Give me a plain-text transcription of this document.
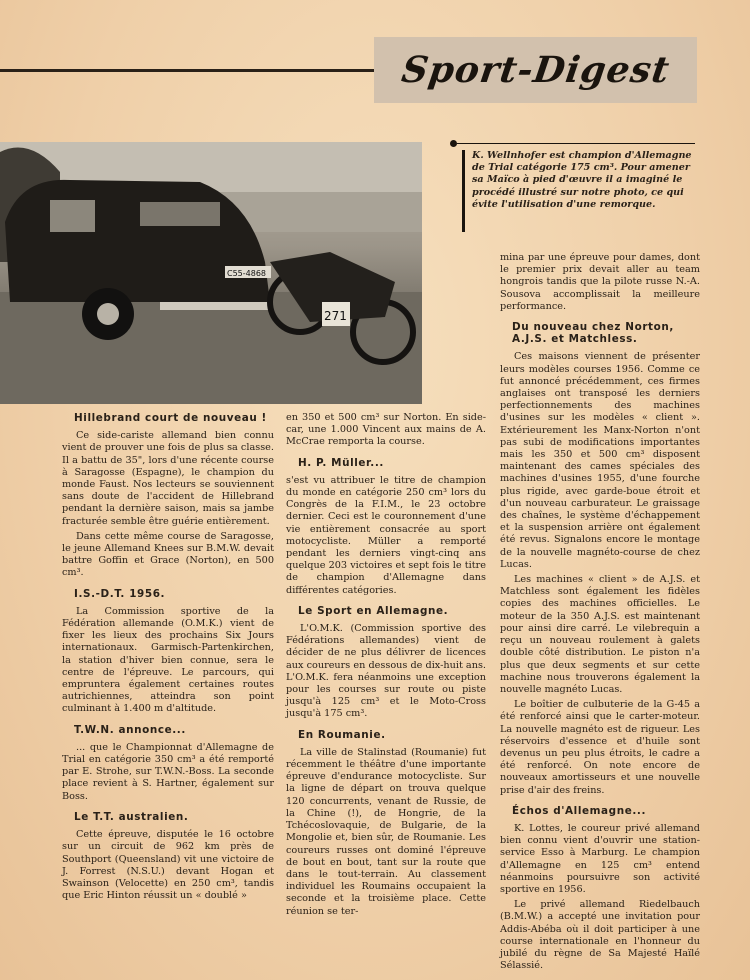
Sport-Digest
271
C55-4868

K. Wellnhofer est champion d'Allemagne de Trial catégorie 175 cm³. Pour amener sa Maïco à pied d'œuvre il a imaginé le procédé illustré sur notre photo, ce qui évite l'utilisation d'une remorque.

Hillebrand court de nouveau !

Ce side-cariste allemand bien connu vient de prouver une fois de plus sa classe. Il a battu de 35", lors d'une récente course à Saragosse (Espagne), le champion du monde Faust. Nos lecteurs se souviennent sans doute de l'accident de Hillebrand pendant la dernière saison, mais sa jambe fracturée semble être guérie entièrement.

Dans cette même course de Saragosse, le jeune Allemand Knees sur B.M.W. devait battre Goffin et Grace (Norton), en 500 cm³.

I.S.-D.T. 1956.

La Commission sportive de la Fédération allemande (O.M.K.) vient de fixer les lieux des prochains Six Jours internationaux. Garmisch-Partenkirchen, la station d'hiver bien connue, sera le centre de l'épreuve. Le parcours, qui empruntera également certaines routes autrichiennes, atteindra son point culminant à 1.400 m d'altitude.

T.W.N. annonce...

... que le Championnat d'Allemagne de Trial en catégorie 350 cm³ a été remporté par E. Strohe, sur T.W.N.-Boss. La seconde place revient à S. Hartner, également sur Boss.

Le T.T. australien.

Cette épreuve, disputée le 16 octobre sur un circuit de 962 km près de Southport (Queensland) vit une victoire de J. Forrest (N.S.U.) devant Hogan et Swainson (Velocette) en 250 cm³, tandis que Eric Hinton réussit un « doublé »

en 350 et 500 cm³ sur Norton. En side-car, une 1.000 Vincent aux mains de A. McCrae remporta la course.

H. P. Müller...

s'est vu attribuer le titre de champion du monde en catégorie 250 cm³ lors du Congrès de la F.I.M., le 23 octobre dernier. Ceci est le couronnement d'une vie entièrement consacrée au sport motocycliste. Müller a remporté pendant les derniers vingt-cinq ans quelque 203 victoires et sept fois le titre de champion d'Allemagne dans différentes catégories.

Le Sport en Allemagne.

L'O.M.K. (Commission sportive des Fédérations allemandes) vient de décider de ne plus délivrer de licences aux coureurs en dessous de dix-huit ans. L'O.M.K. fera néanmoins une exception pour les courses sur route ou piste jusqu'à 125 cm³ et le Moto-Cross jusqu'à 175 cm³.

En Roumanie.

La ville de Stalinstad (Roumanie) fut récemment le théâtre d'une importante épreuve d'endurance motocycliste. Sur la ligne de départ on trouva quelque 120 concurrents, venant de Russie, de la Chine (!), de Hongrie, de la Tchécoslovaquie, de Bulgarie, de la Mongolie et, bien sûr, de Roumanie. Les coureurs russes ont dominé l'épreuve de bout en bout, tant sur la route que dans le tout-terrain. Au classement individuel les Roumains occupaient la seconde et la troisième place. Cette réunion se ter-

mina par une épreuve pour dames, dont le premier prix devait aller au team hongrois tandis que la pilote russe N.-A. Sousova accomplissait la meilleure performance.

Du nouveau chez Norton, A.J.S. et Matchless.

Ces maisons viennent de présenter leurs modèles courses 1956. Comme ce fut annoncé précédemment, ces firmes anglaises ont transposé les derniers perfectionnements des machines d'usines sur les modèles « client ». Extérieurement les Manx-Norton n'ont pas subi de modifications importantes mais les 350 et 500 cm³ disposent maintenant des cames spéciales des machines d'usines 1955, d'une fourche plus rigide, avec garde-boue étroit et d'un nouveau carburateur. Le graissage des chaînes, le système d'échappement et la suspension arrière ont également été revus. Signalons encore le montage de la nouvelle magnéto-course de chez Lucas.

Les machines « client » de A.J.S. et Matchless sont également les fidèles copies des machines officielles. Le moteur de la 350 A.J.S. est maintenant pour ainsi dire carré. Le vilebrequin a reçu un nouveau roulement à galets double côté distribution. Le piston n'a plus que deux segments et sur cette machine nous trouverons également la nouvelle magnéto Lucas.

Le boîtier de culbuterie de la G-45 a été renforcé ainsi que le carter-moteur. La nouvelle magnéto est de rigueur. Les réservoirs d'essence et d'huile sont devenus un peu plus étroits, le cadre a été renforcé. On note encore de nouveaux amortisseurs et une nouvelle prise d'air des freins.

Échos d'Allemagne...

K. Lottes, le coureur privé allemand bien connu vient d'ouvrir une station-service Esso à Marburg. Le champion d'Allemagne en 125 cm³ entend néanmoins poursuivre son activité sportive en 1956.

Le privé allemand Riedelbauch (B.M.W.) a accepté une invitation pour Addis-Abéba où il doit participer à une course internationale en l'honneur du jubilé du règne de Sa Majesté Haïlé Sélassié.
